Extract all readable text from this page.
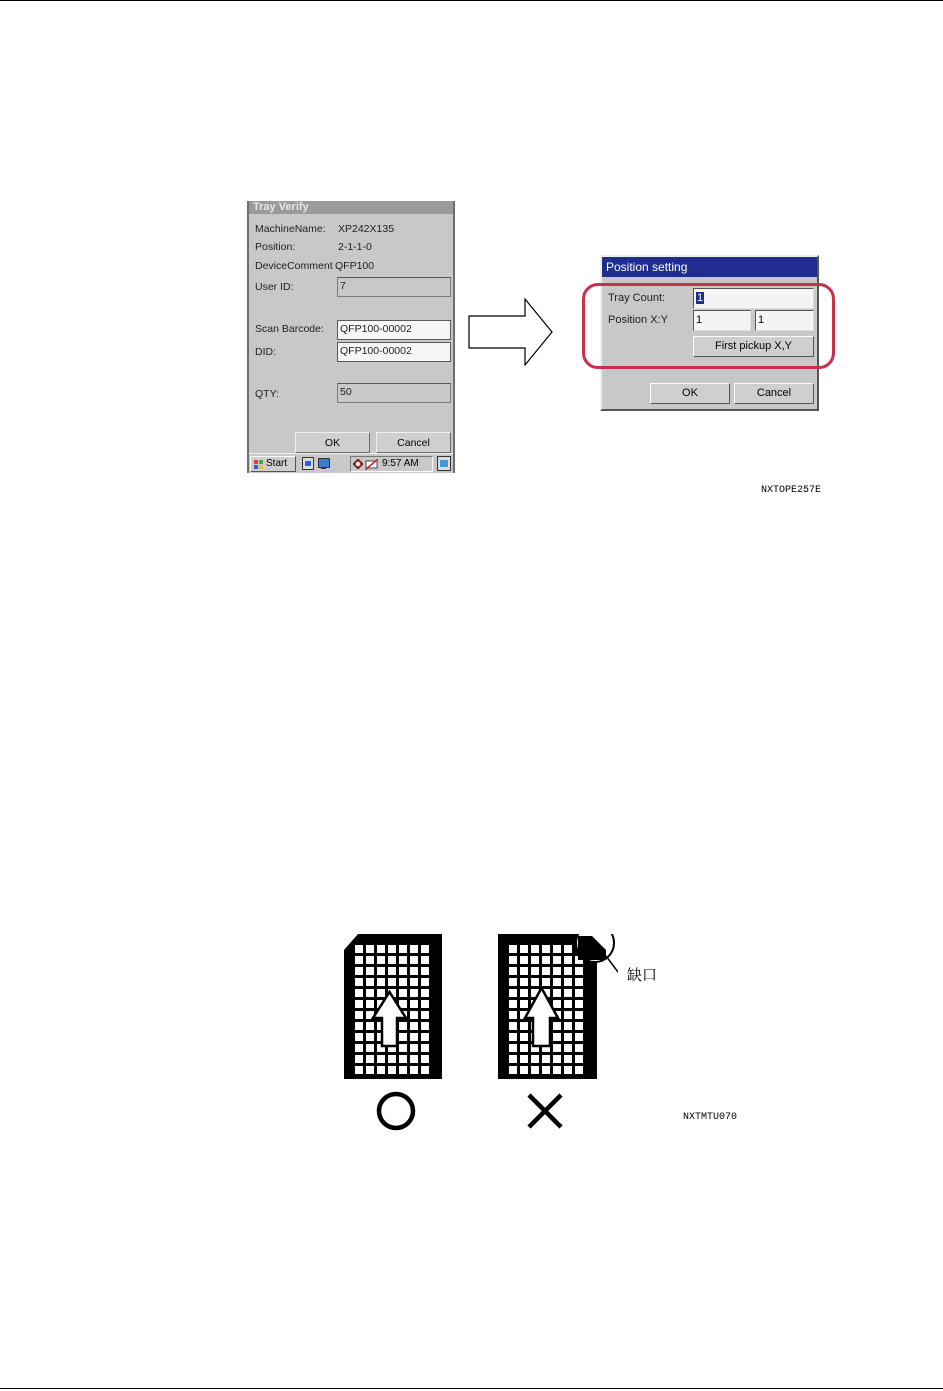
Tray Verify
MachineName: XP242X135
Position:	2-1-1-0
DeviceComment QFP100
User ID:	7
Scan Barcode: QFP100-00002
DID:	QFP100-00002
QTY:	50
OK	Cancel
Start	9:57 AM
Position setting
Tray Count:	1
Position X:Y	1	1
First pickup X,Y
OK	Cancel
NXTOPE257E
缺口
NXTMTU070
